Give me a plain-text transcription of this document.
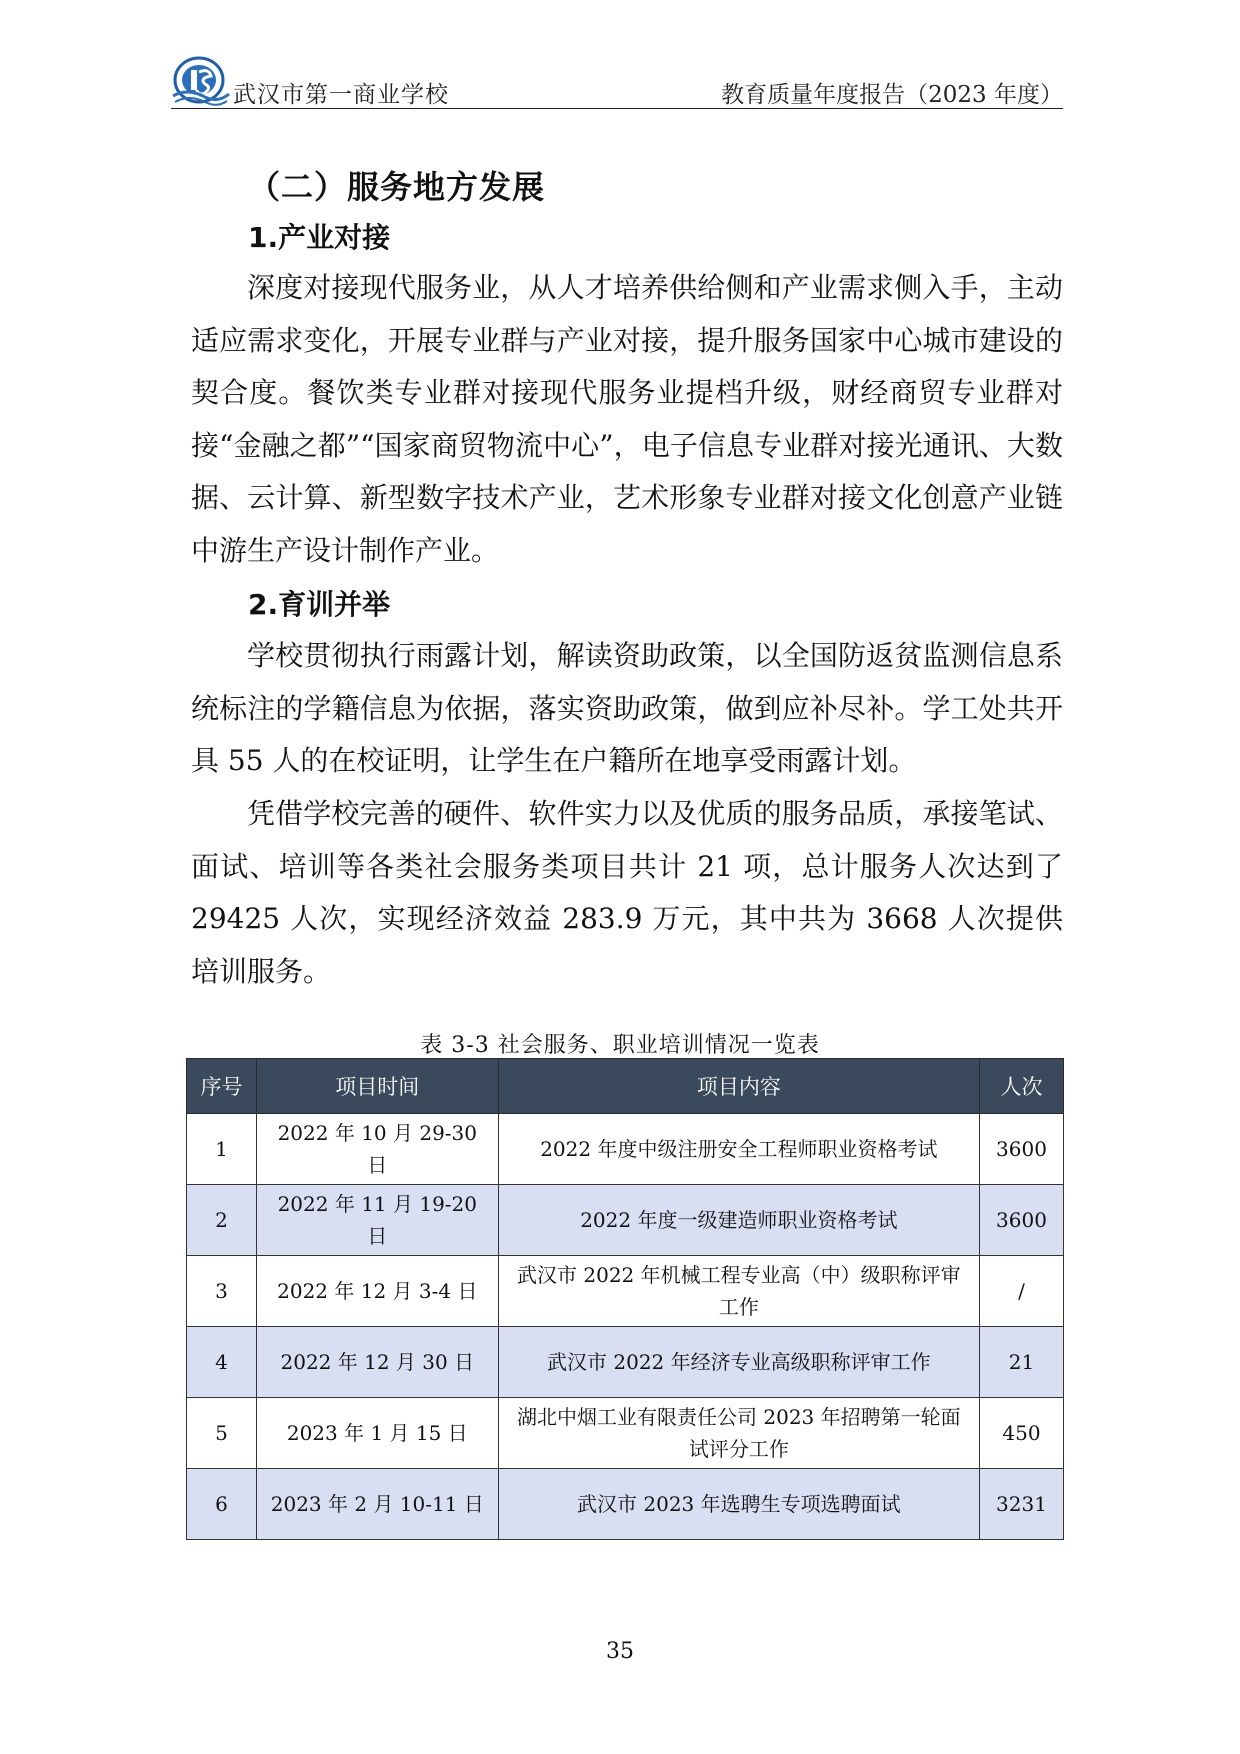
武汉市第一商业学校	教育质量年度报告（2023 年度）
（二）服务地方发展
1.产业对接

深度对接现代服务业，从人才培养供给侧和产业需求侧入手，主动适应需求变化，开展专业群与产业对接，提升服务国家中心城市建设的契合度。餐饮类专业群对接现代服务业提档升级，财经商贸专业群对接“金融之都”“国家商贸物流中心”，电子信息专业群对接光通讯、大数据、云计算、新型数字技术产业，艺术形象专业群对接文化创意产业链中游生产设计制作产业。

2.育训并举

学校贯彻执行雨露计划，解读资助政策，以全国防返贫监测信息系统标注的学籍信息为依据，落实资助政策，做到应补尽补。学工处共开具 55 人的在校证明，让学生在户籍所在地享受雨露计划。

凭借学校完善的硬件、软件实力以及优质的服务品质，承接笔试、面试、培训等各类社会服务类项目共计 21 项，总计服务人次达到了 29425 人次，实现经济效益 283.9 万元，其中共为 3668 人次提供培训服务。

表 3-3 社会服务、职业培训情况一览表
序号	项目时间	项目内容	人次
1	2022 年 10 月 29-30 日	2022 年度中级注册安全工程师职业资格考试	3600
2	2022 年 11 月 19-20 日	2022 年度一级建造师职业资格考试	3600
3	2022 年 12 月 3-4 日	武汉市 2022 年机械工程专业高（中）级职称评审工作	/
4	2022 年 12 月 30 日	武汉市 2022 年经济专业高级职称评审工作	21
5	2023 年 1 月 15 日	湖北中烟工业有限责任公司 2023 年招聘第一轮面试评分工作	450
6	2023 年 2 月 10-11 日	武汉市 2023 年选聘生专项选聘面试	3231
35
